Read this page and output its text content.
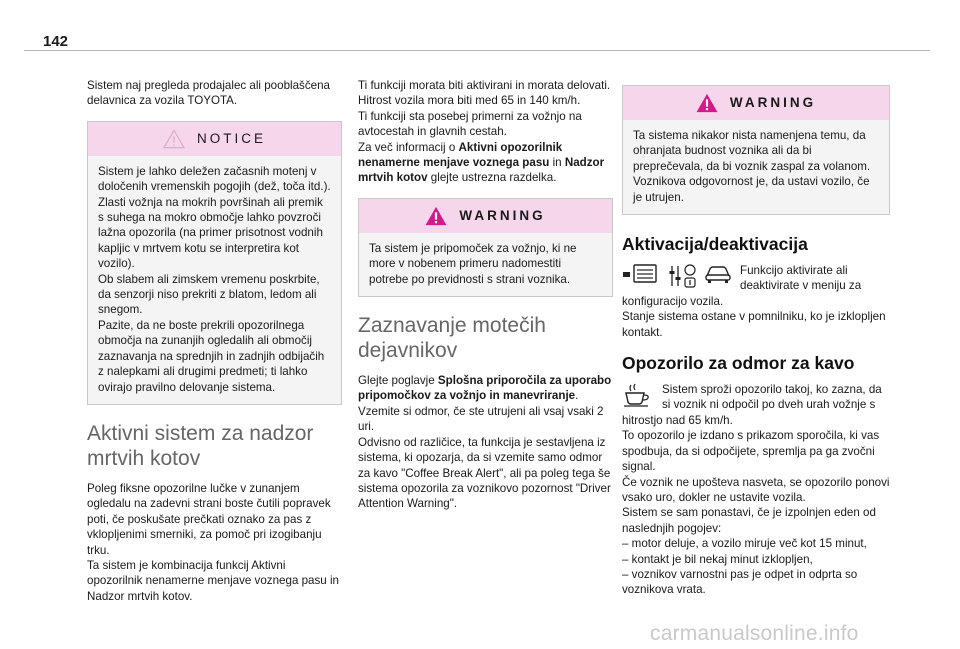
142

Sistem naj pregleda prodajalec ali pooblaščena delavnica za vozila TOYOTA.

NOTICE

Sistem je lahko deležen začasnih motenj v določenih vremenskih pogojih (dež, toča itd.).

Zlasti vožnja na mokrih površinah ali premik s suhega na mokro območje lahko povzroči lažna opozorila (na primer prisotnost vodnih kapljic v mrtvem kotu se interpretira kot vozilo).

Ob slabem ali zimskem vremenu poskrbite, da senzorji niso prekriti z blatom, ledom ali snegom.

Pazite, da ne boste prekrili opozorilnega območja na zunanjih ogledalih ali območij zaznavanja na sprednjih in zadnjih odbijačih z nalepkami ali drugimi predmeti; ti lahko ovirajo pravilno delovanje sistema.

Aktivni sistem za nadzor mrtvih kotov

Poleg fiksne opozorilne lučke v zunanjem ogledalu na zadevni strani boste čutili popravek poti, če poskušate prečkati oznako za pas z vklopljenimi smerniki, za pomoč pri izogibanju trku.

Ta sistem je kombinacija funkcij Aktivni opozorilnik nenamerne menjave voznega pasu in Nadzor mrtvih kotov.

Ti funkciji morata biti aktivirani in morata delovati.

Hitrost vozila mora biti med 65 in 140 km/h.

Ti funkciji sta posebej primerni za vožnjo na avtocestah in glavnih cestah.

Za več informacij o Aktivni opozorilnik nenamerne menjave voznega pasu in Nadzor mrtvih kotov glejte ustrezna razdelka.

WARNING

Ta sistem je pripomoček za vožnjo, ki ne more v nobenem primeru nadomestiti potrebe po previdnosti s strani voznika.

Zaznavanje motečih dejavnikov

Glejte poglavje Splošna priporočila za uporabo pripomočkov za vožnjo in manevriranje.

Vzemite si odmor, če ste utrujeni ali vsaj vsaki 2 uri.

Odvisno od različice, ta funkcija je sestavljena iz sistema, ki opozarja, da si vzemite samo odmor za kavo "Coffee Break Alert", ali pa poleg tega še sistema opozorila za voznikovo pozornost "Driver Attention Warning".

WARNING

Ta sistema nikakor nista namenjena temu, da ohranjata budnost voznika ali da bi preprečevala, da bi voznik zaspal za volanom.

Voznikova odgovornost je, da ustavi vozilo, če je utrujen.

Aktivacija/deaktivacija

Funkcijo aktivirate ali deaktivirate v meniju za konfiguracijo vozila.

Stanje sistema ostane v pomnilniku, ko je izklopljen kontakt.

Opozorilo za odmor za kavo

Sistem sproži opozorilo takoj, ko zazna, da si voznik ni odpočil po dveh urah vožnje s hitrostjo nad 65 km/h.

To opozorilo je izdano s prikazom sporočila, ki vas spodbuja, da si odpočijete, spremlja pa ga zvočni signal.

Če voznik ne upošteva nasveta, se opozorilo ponovi vsako uro, dokler ne ustavite vozila.

Sistem se sam ponastavi, če je izpolnjen eden od naslednjih pogojev:

– motor deluje, a vozilo miruje več kot 15 minut,

– kontakt je bil nekaj minut izklopljen,

– voznikov varnostni pas je odpet in odprta so voznikova vrata.

carmanualsonline.info
